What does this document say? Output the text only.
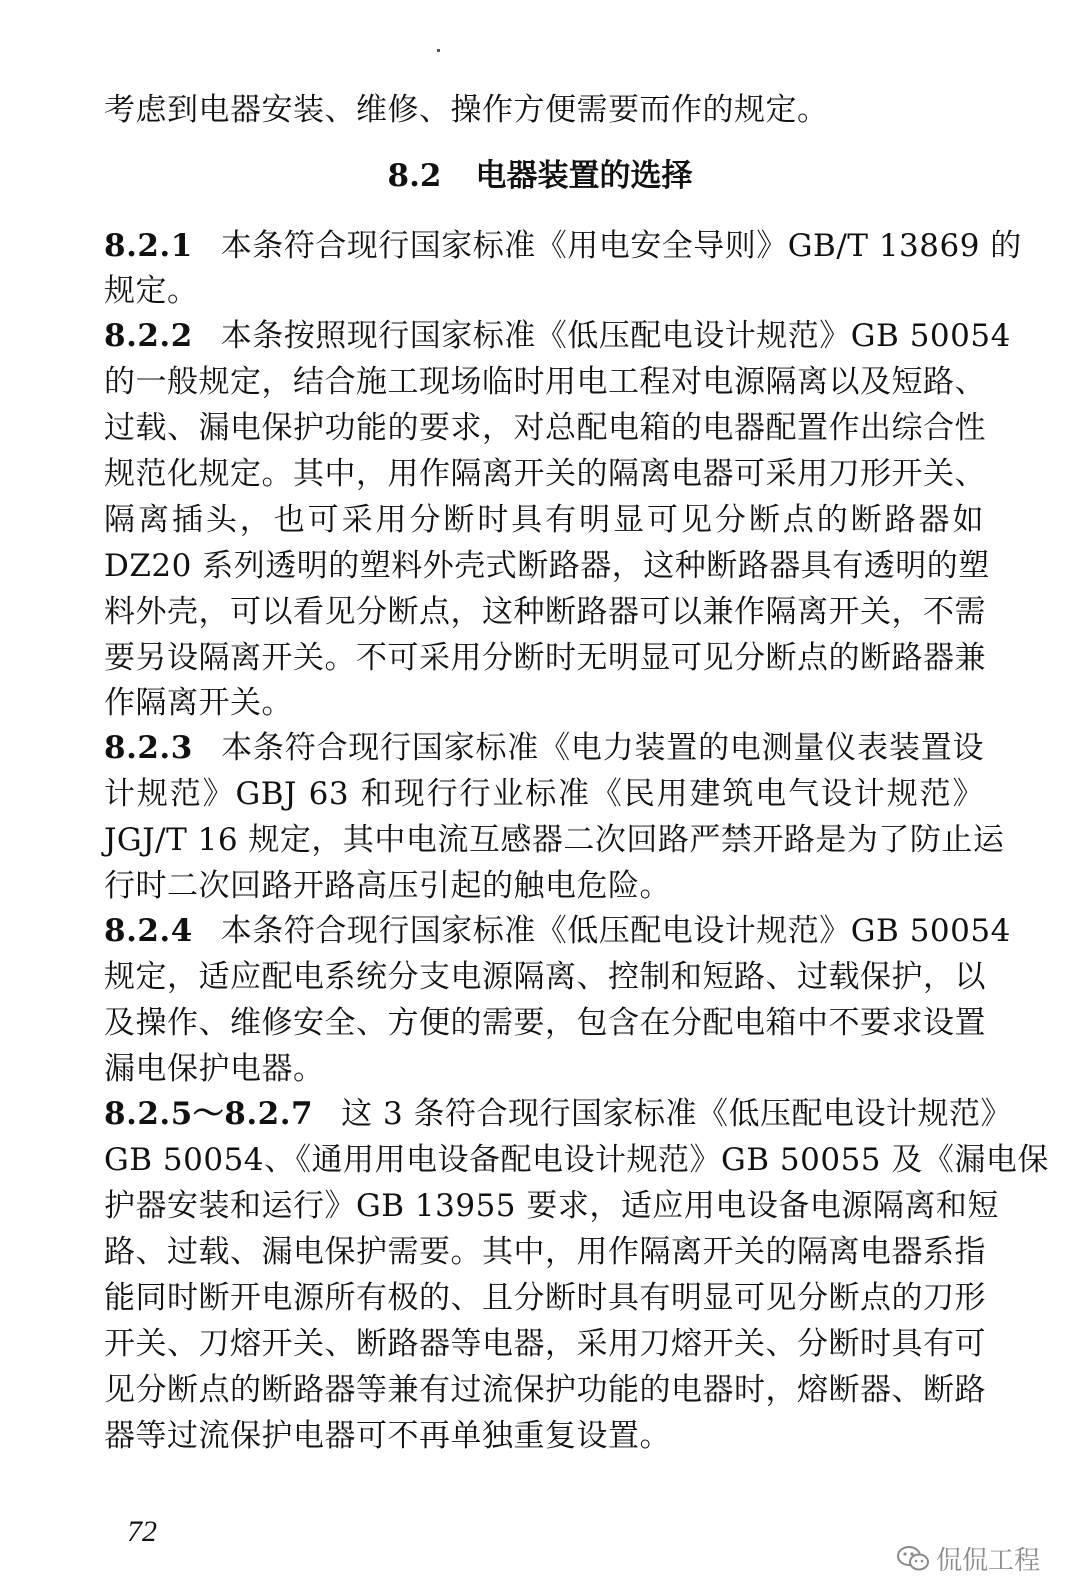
考虑到电器安装、维修、操作方便需要而作的规定。
8.2 电器装置的选择
8.2.1 本条符合现行国家标准《用电安全导则》GB/T 13869 的
规定。
8.2.2 本条按照现行国家标准《低压配电设计规范》GB 50054
的一般规定，结合施工现场临时用电工程对电源隔离以及短路、
过载、漏电保护功能的要求，对总配电箱的电器配置作出综合性
规范化规定。其中，用作隔离开关的隔离电器可采用刀形开关、
隔离插头，也可采用分断时具有明显可见分断点的断路器如
DZ20 系列透明的塑料外壳式断路器，这种断路器具有透明的塑
料外壳，可以看见分断点，这种断路器可以兼作隔离开关，不需
要另设隔离开关。不可采用分断时无明显可见分断点的断路器兼
作隔离开关。
8.2.3 本条符合现行国家标准《电力装置的电测量仪表装置设
计规范》GBJ 63 和现行行业标准《民用建筑电气设计规范》
JGJ/T 16 规定，其中电流互感器二次回路严禁开路是为了防止运
行时二次回路开路高压引起的触电危险。
8.2.4 本条符合现行国家标准《低压配电设计规范》GB 50054
规定，适应配电系统分支电源隔离、控制和短路、过载保护，以
及操作、维修安全、方便的需要，包含在分配电箱中不要求设置
漏电保护电器。
8.2.5～8.2.7 这 3 条符合现行国家标准《低压配电设计规范》
GB 50054、《通用用电设备配电设计规范》GB 50055 及《漏电保
护器安装和运行》GB 13955 要求，适应用电设备电源隔离和短
路、过载、漏电保护需要。其中，用作隔离开关的隔离电器系指
能同时断开电源所有极的、且分断时具有明显可见分断点的刀形
开关、刀熔开关、断路器等电器，采用刀熔开关、分断时具有可
见分断点的断路器等兼有过流保护功能的电器时，熔断器、断路
器等过流保护电器可不再单独重复设置。
72
侃侃工程
